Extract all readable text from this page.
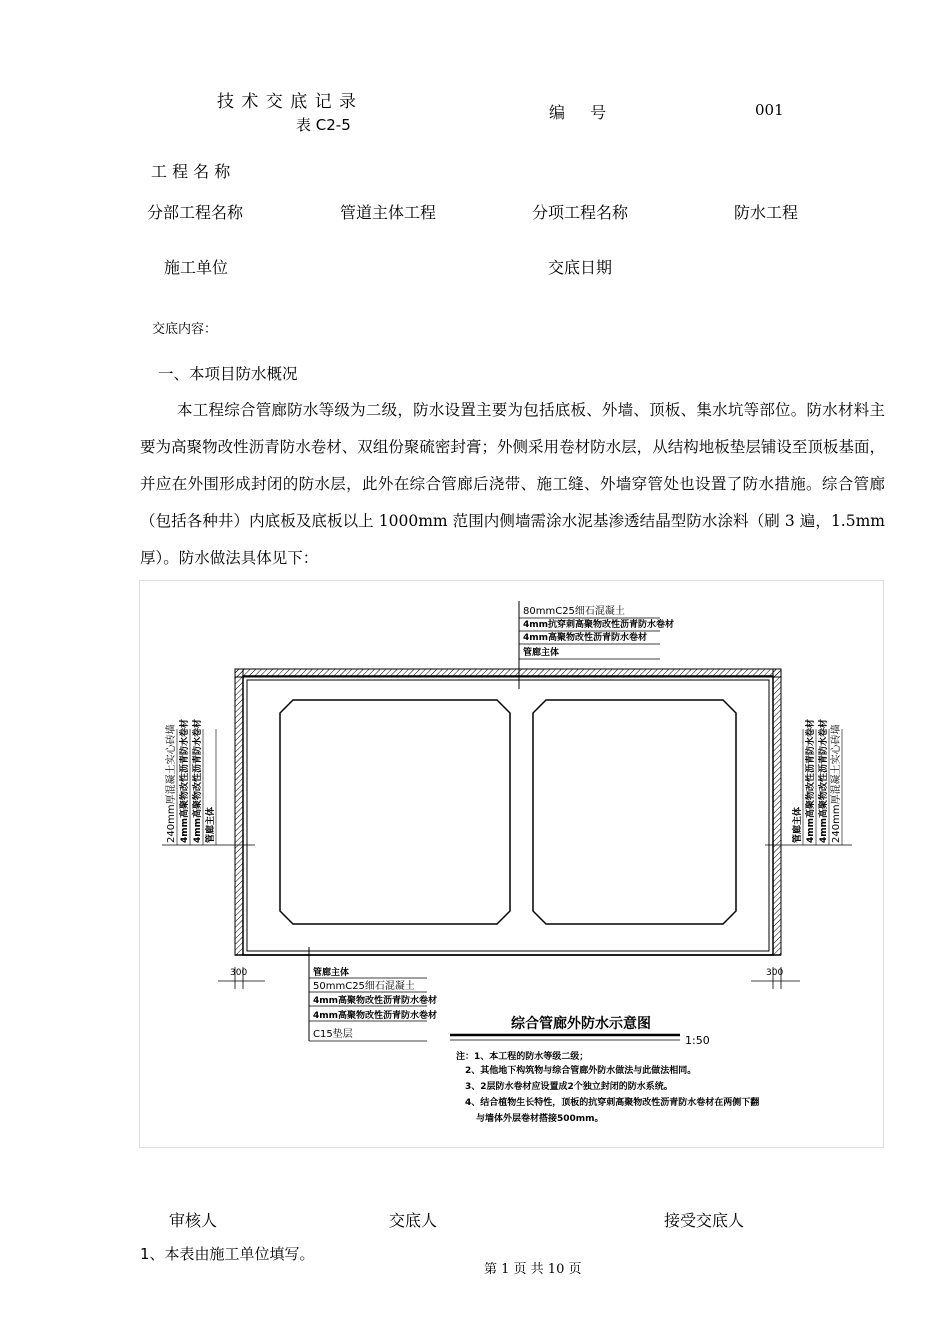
技 术 交 底 记 录
表 C2-5
编 号	001
工 程 名 称
分部工程名称	管道主体工程	分项工程名称	防水工程
施工单位	交底日期
交底内容：
一、本项目防水概况
本工程综合管廊防水等级为二级，防水设置主要为包括底板、外墙、顶板、集水坑等部位。防水材料主要为高聚物改性沥青防水卷材、双组份聚硫密封膏；外侧采用卷材防水层，从结构地板垫层铺设至顶板基面，并应在外围形成封闭的防水层，此外在综合管廊后浇带、施工缝、外墙穿管处也设置了防水措施。综合管廊（包括各种井）内底板及底板以上 1000mm 范围内侧墙需涂水泥基渗透结晶型防水涂料（刷 3 遍，1.5mm 厚）。防水做法具体见下：
80mmC25细石混凝土
4mm抗穿刺高聚物改性沥青防水卷材
4mm高聚物改性沥青防水卷材
管廊主体
240mm厚混凝土实心砖墙 4mm高聚物改性沥青防水卷材 4mm高聚物改性沥青防水卷材 管廊主体	管廊主体 4mm高聚物改性沥青防水卷材 4mm高聚物改性沥青防水卷材 240mm厚混凝土实心砖墙
管廊主体
50mmC25细石混凝土
4mm高聚物改性沥青防水卷材
4mm高聚物改性沥青防水卷材
C15垫层
300	300
综合管廊外防水示意图
1:50
注：1、本工程的防水等级二级；
2、其他地下构筑物与综合管廊外防水做法与此做法相同。
3、2层防水卷材应设置成2个独立封闭的防水系统。
4、结合植物生长特性，顶板的抗穿刺高聚物改性沥青防水卷材在两侧下翻
与墙体外层卷材搭接500mm。
审核人	交底人	接受交底人
1、本表由施工单位填写。
第 1 页 共 10 页
